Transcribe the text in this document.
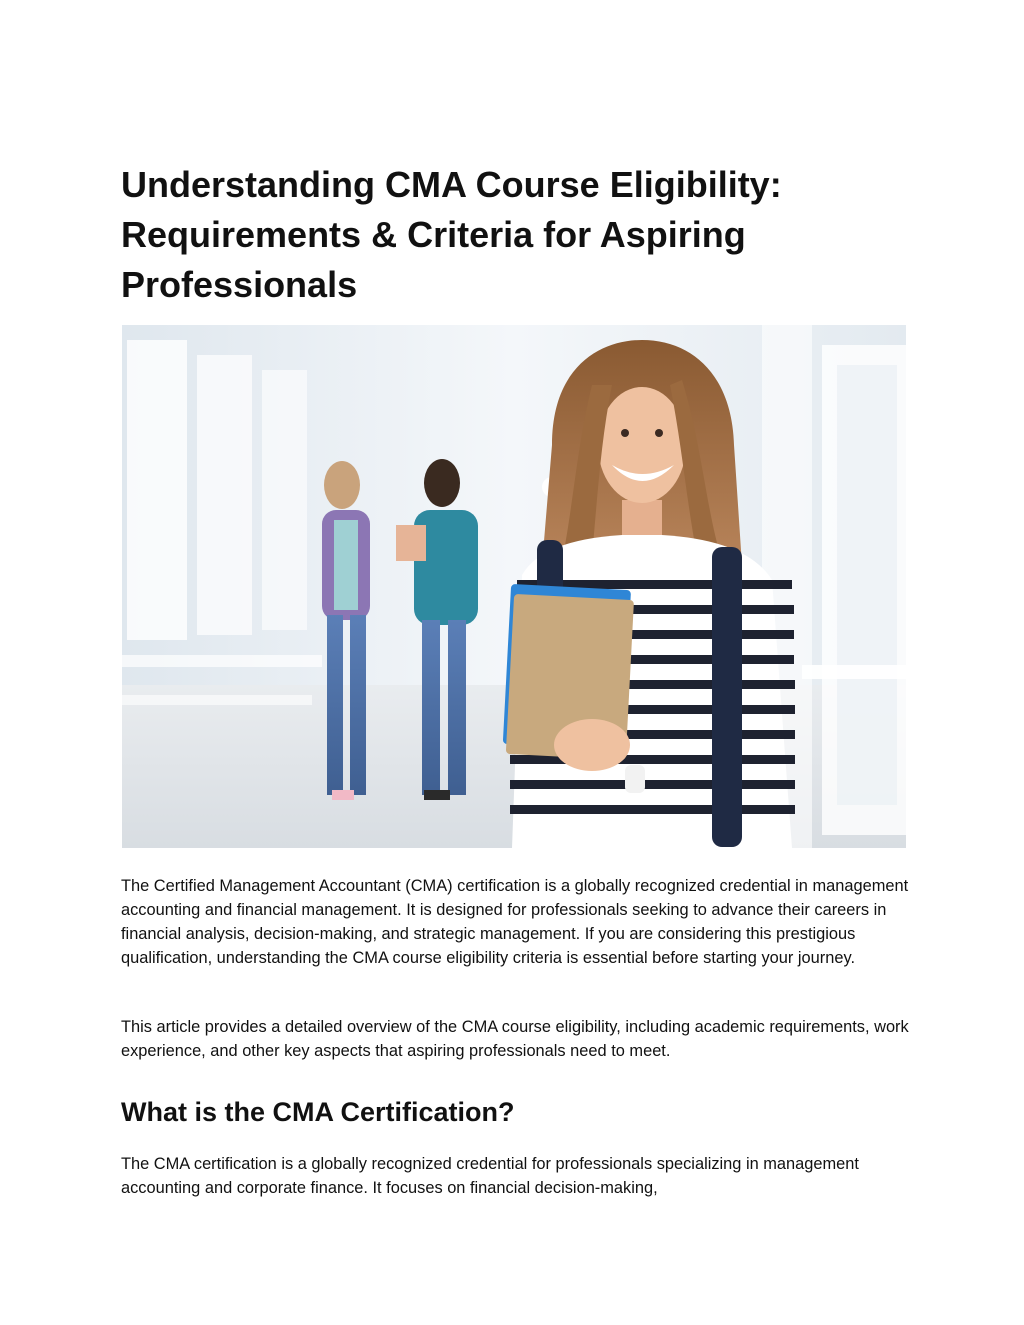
Understanding CMA Course Eligibility: Requirements & Criteria for Aspiring Professionals

The Certified Management Accountant (CMA) certification is a globally recognized credential in management accounting and financial management. It is designed for professionals seeking to advance their careers in financial analysis, decision-making, and strategic management. If you are considering this prestigious qualification, understanding the CMA course eligibility criteria is essential before starting your journey.

This article provides a detailed overview of the CMA course eligibility, including academic requirements, work experience, and other key aspects that aspiring professionals need to meet.

What is the CMA Certification?

The CMA certification is a globally recognized credential for professionals specializing in management accounting and corporate finance. It focuses on financial decision-making,
